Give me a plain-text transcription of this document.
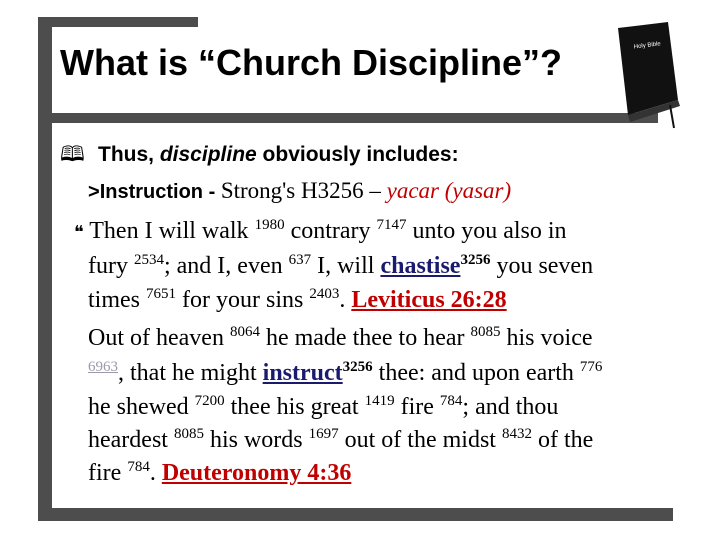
What is “Church Discipline”?	Holy Bible
🕮 Thus, discipline obviously includes:
>Instruction - Strong's H3256 – yacar (yasar)
❝ Then I will walk $^{1980}$ contrary $^{7147}$ unto you also in
fury $^{2534}$; and I, even $^{637}$ I, will chastise$^{3256}$ you seven
times $^{7651}$ for your sins $^{2403}$. Leviticus 26:28
Out of heaven $^{8064}$ he made thee to hear $^{8085}$ his voice
$^{6963}$, that he might instruct$^{3256}$ thee: and upon earth $^{776}$
he shewed $^{7200}$ thee his great $^{1419}$ fire $^{784}$; and thou
heardest $^{8085}$ his words $^{1697}$ out of the midst $^{8432}$ of the
fire $^{784}$. Deuteronomy 4:36
